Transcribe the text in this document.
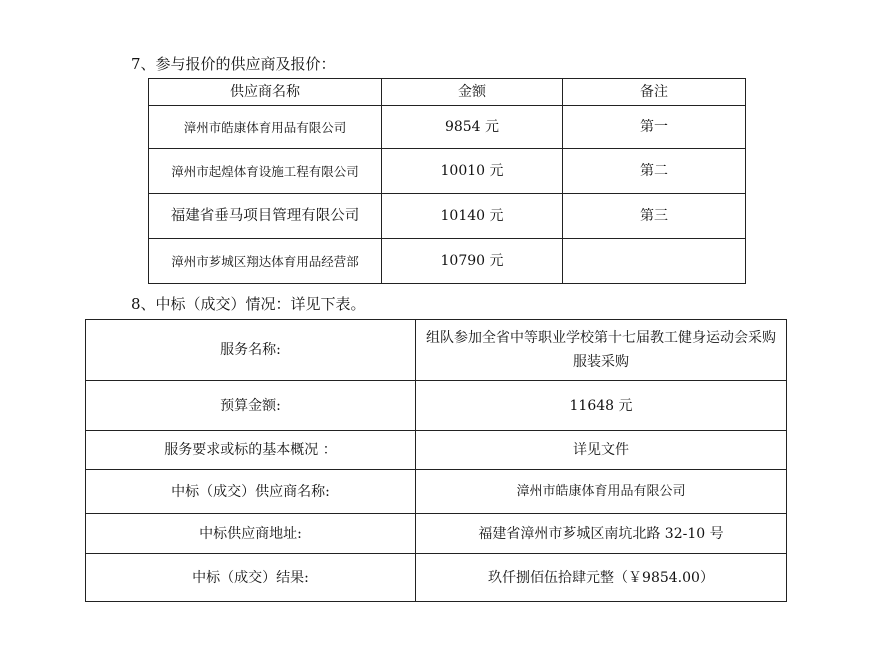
7、参与报价的供应商及报价：
供应商名称	金额	备注
漳州市皓康体育用品有限公司	9854 元	第一
漳州市起煌体育设施工程有限公司	10010 元	第二
福建省垂马项目管理有限公司	10140 元	第三
漳州市芗城区翔达体育用品经营部	10790 元	
8、中标（成交）情况：详见下表。
服务名称:	组队参加全省中等职业学校第十七届教工健身运动会采购服装采购
预算金额:	11648 元
服务要求或标的基本概况 ：	详见文件
中标（成交）供应商名称:	漳州市皓康体育用品有限公司
中标供应商地址:	福建省漳州市芗城区南坑北路 32-10 号
中标（成交）结果:	玖仟捌佰伍拾肆元整（￥9854.00）
